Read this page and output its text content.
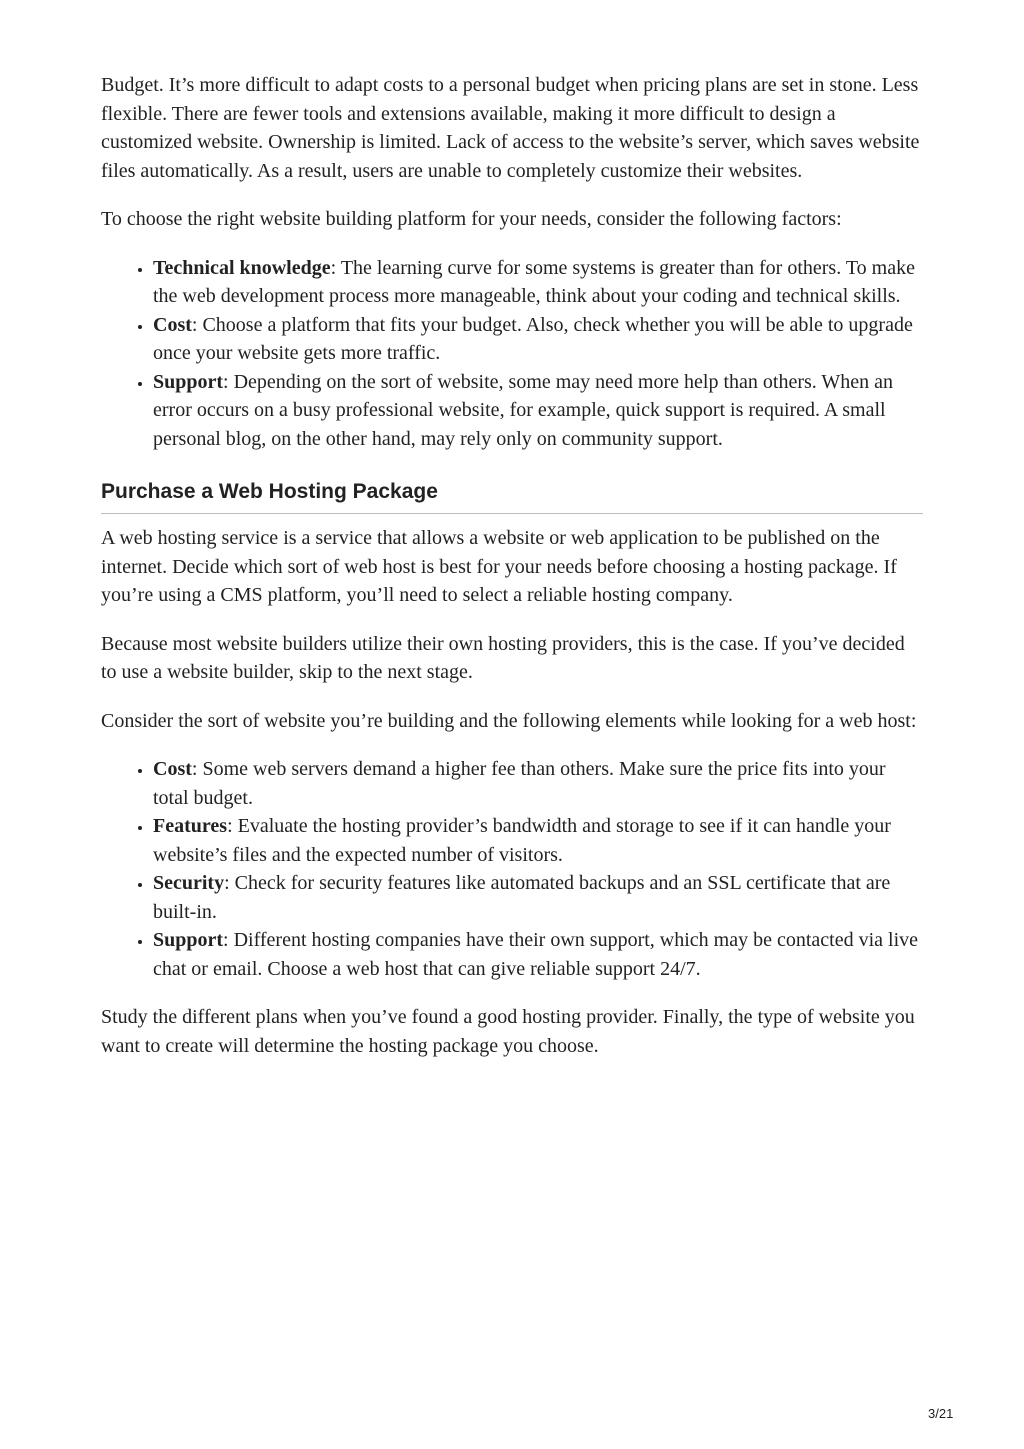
Budget. It’s more difficult to adapt costs to a personal budget when pricing plans are set in stone. Less flexible. There are fewer tools and extensions available, making it more difficult to design a customized website. Ownership is limited. Lack of access to the website’s server, which saves website files automatically. As a result, users are unable to completely customize their websites.

To choose the right website building platform for your needs, consider the following factors:

• Technical knowledge: The learning curve for some systems is greater than for others. To make the web development process more manageable, think about your coding and technical skills.
• Cost: Choose a platform that fits your budget. Also, check whether you will be able to upgrade once your website gets more traffic.
• Support: Depending on the sort of website, some may need more help than others. When an error occurs on a busy professional website, for example, quick support is required. A small personal blog, on the other hand, may rely only on community support.
Purchase a Web Hosting Package

A web hosting service is a service that allows a website or web application to be published on the internet. Decide which sort of web host is best for your needs before choosing a hosting package. If you’re using a CMS platform, you’ll need to select a reliable hosting company.

Because most website builders utilize their own hosting providers, this is the case. If you’ve decided to use a website builder, skip to the next stage.

Consider the sort of website you’re building and the following elements while looking for a web host:

• Cost: Some web servers demand a higher fee than others. Make sure the price fits into your total budget.
• Features: Evaluate the hosting provider’s bandwidth and storage to see if it can handle your website’s files and the expected number of visitors.
• Security: Check for security features like automated backups and an SSL certificate that are built-in.
• Support: Different hosting companies have their own support, which may be contacted via live chat or email. Choose a web host that can give reliable support 24/7.

Study the different plans when you’ve found a good hosting provider. Finally, the type of website you want to create will determine the hosting package you choose.

3/21
